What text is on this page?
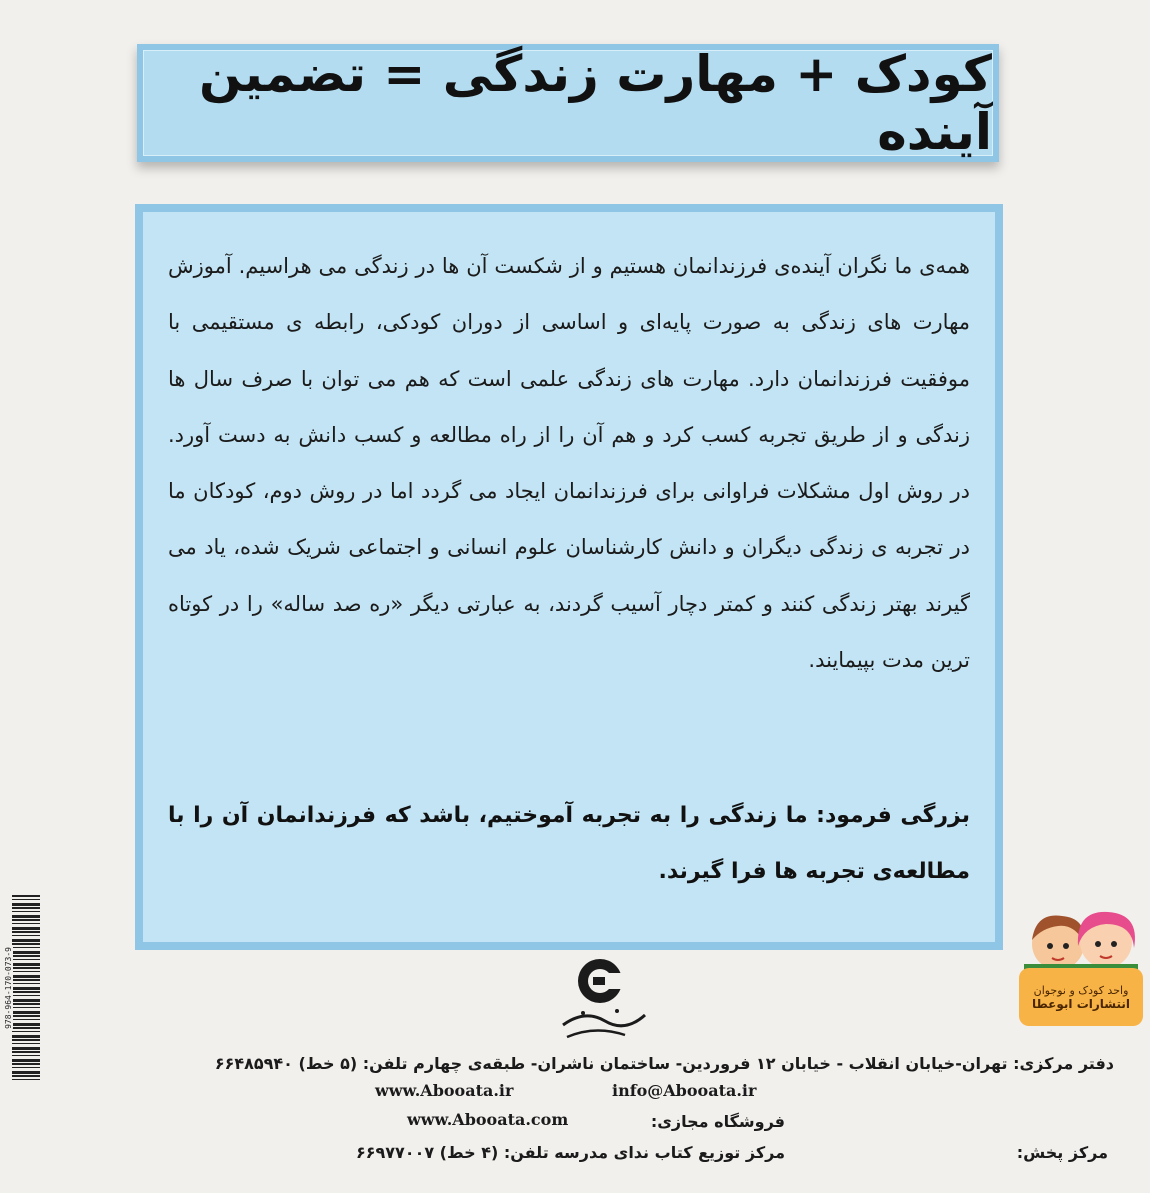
کودک + مهارت زندگی = تضمین آینده
همه‌ی ما نگران آینده‌ی فرزندانمان هستیم و از شکست آن ها در زندگی می هراسیم. آموزش مهارت های زندگی به صورت پایه‌ای و اساسی از دوران کودکی، رابطه ی مستقیمی با موفقیت فرزندانمان دارد. مهارت های زندگی علمی است که هم می توان با صرف سال ها زندگی و از طریق تجربه کسب کرد و هم آن را از راه مطالعه و کسب دانش به دست آورد. در روش اول مشکلات فراوانی برای فرزندانمان ایجاد می گردد اما در روش دوم، کودکان ما در تجربه ی زندگی دیگران و دانش کارشناسان علوم انسانی و اجتماعی شریک شده، یاد می گیرند بهتر زندگی کنند و کمتر دچار آسیب گردند، به عبارتی دیگر «ره صد ساله» را در کوتاه ترین مدت بپیمایند.
بزرگی فرمود: ما زندگی را به تجربه آموختیم، باشد که فرزندانمان آن را با مطالعه‌ی تجربه ها فرا گیرند.
978-964-170-073-9	واحد کودک و نوجوان
انتشارات ابوعطا
دفتر مرکزی: تهران-خیابان انقلاب - خیابان ۱۲ فروردین- ساختمان ناشران- طبقه‌ی چهارم تلفن: (۵ خط) ۶۶۴۸۵۹۴۰
info@Abooata.ir
www.Abooata.ir
فروشگاه مجازی:
www.Abooata.com
مرکز پخش:
مرکز توزیع کتاب ندای مدرسه تلفن: (۴ خط) ۶۶۹۷۷۰۰۷
